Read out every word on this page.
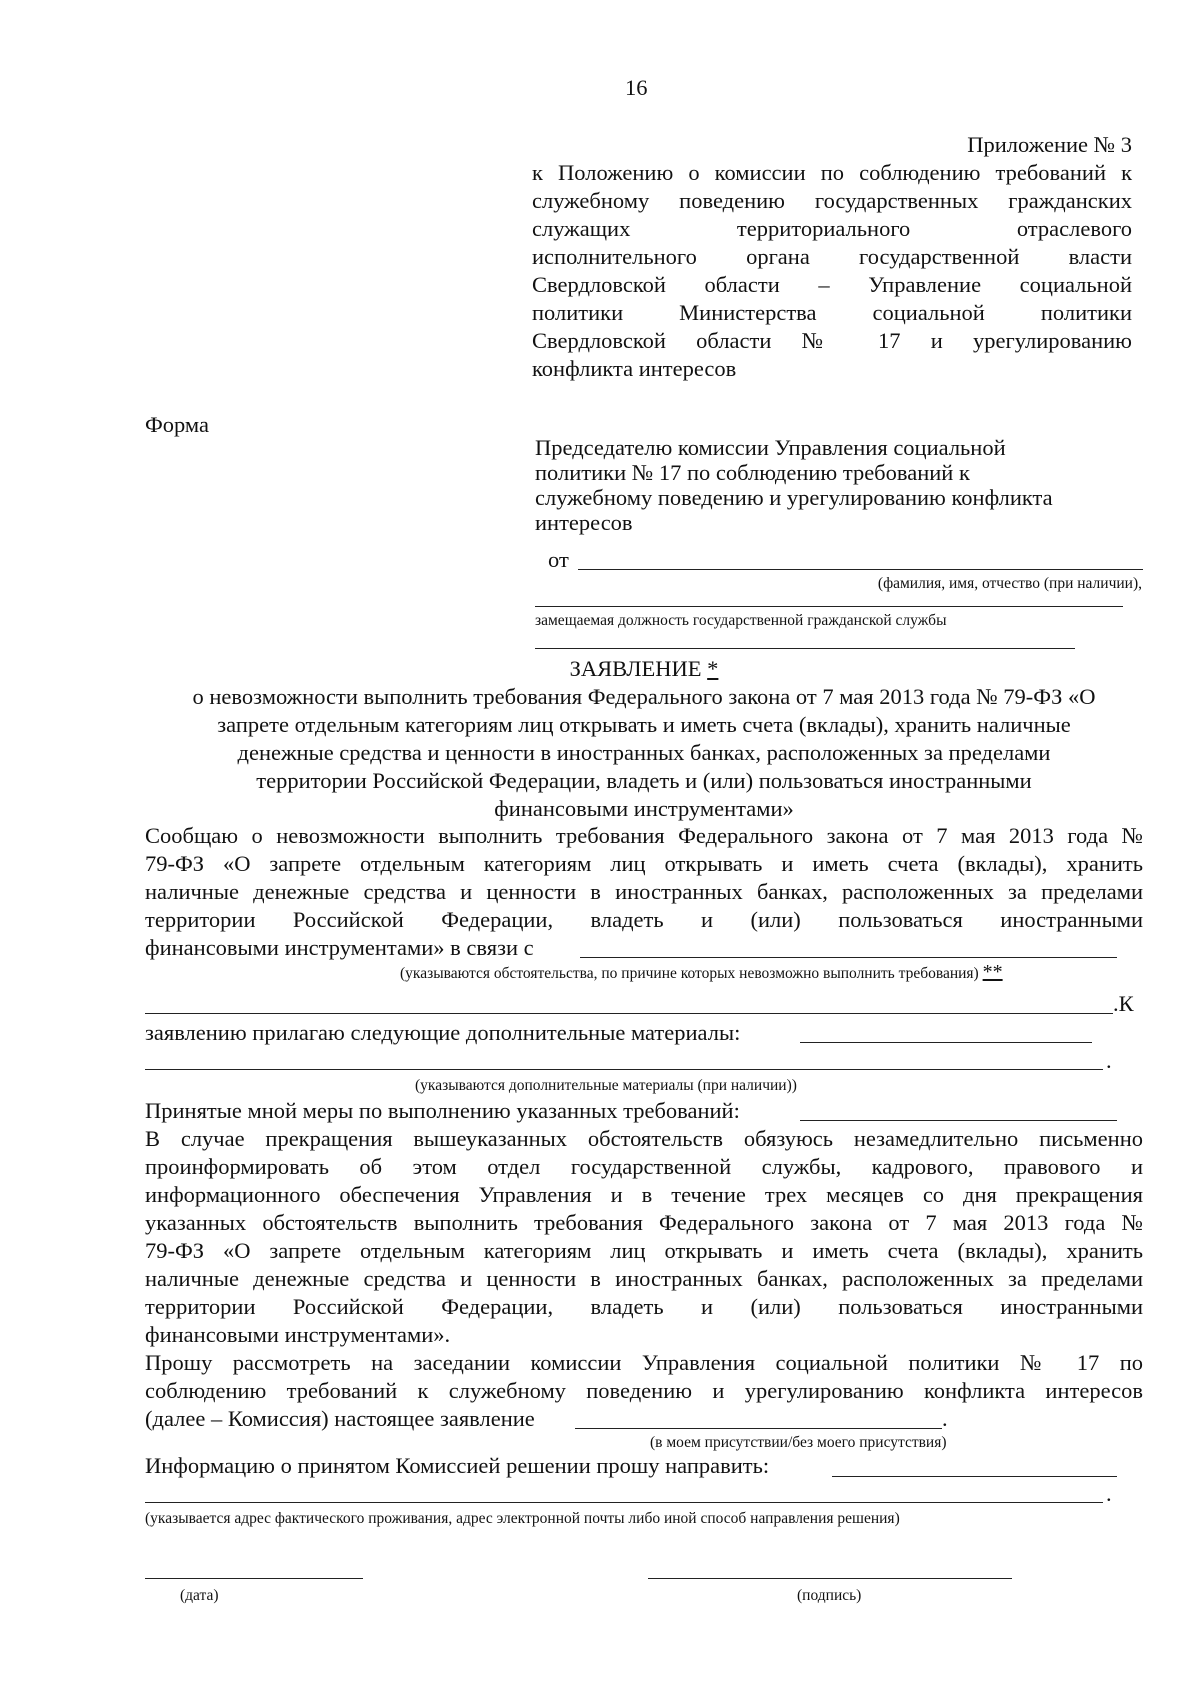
16
Приложение № 3
к Положению о комиссии по соблюдению требований к
служебному поведению государственных гражданских
служащих территориального отраслевого
исполнительного органа государственной власти
Свердловской области – Управление социальной
политики Министерства социальной политики
Свердловской области № 17 и урегулированию
конфликта интересов
Форма
Председателю комиссии Управления социальной
политики № 17 по соблюдению требований к
служебному поведению и урегулированию конфликта
интересов
от
(фамилия, имя, отчество (при наличии),
замещаемая должность государственной гражданской службы
ЗАЯВЛЕНИЕ *
о невозможности выполнить требования Федерального закона от 7 мая 2013 года № 79-ФЗ «О
запрете отдельным категориям лиц открывать и иметь счета (вклады), хранить наличные
денежные средства и ценности в иностранных банках, расположенных за пределами
территории Российской Федерации, владеть и (или) пользоваться иностранными
финансовыми инструментами»
Сообщаю о невозможности выполнить требования Федерального закона от 7 мая 2013 года №
79-ФЗ «О запрете отдельным категориям лиц открывать и иметь счета (вклады), хранить
наличные денежные средства и ценности в иностранных банках, расположенных за пределами
территории Российской Федерации, владеть и (или) пользоваться иностранными
финансовыми инструментами» в связи с
(указываются обстоятельства, по причине которых невозможно выполнить требования) **
.К
заявлению прилагаю следующие дополнительные материалы:
.
(указываются дополнительные материалы (при наличии))
Принятые мной меры по выполнению указанных требований:
В случае прекращения вышеуказанных обстоятельств обязуюсь незамедлительно письменно
проинформировать об этом отдел государственной службы, кадрового, правового и
информационного обеспечения Управления и в течение трех месяцев со дня прекращения
указанных обстоятельств выполнить требования Федерального закона от 7 мая 2013 года №
79-ФЗ «О запрете отдельным категориям лиц открывать и иметь счета (вклады), хранить
наличные денежные средства и ценности в иностранных банках, расположенных за пределами
территории Российской Федерации, владеть и (или) пользоваться иностранными
финансовыми инструментами».
Прошу рассмотреть на заседании комиссии Управления социальной политики № 17 по
соблюдению требований к служебному поведению и урегулированию конфликта интересов
(далее – Комиссия) настоящее заявление	.
(в моем присутствии/без моего присутствия)
Информацию о принятом Комиссией решении прошу направить:
.
(указывается адрес фактического проживания, адрес электронной почты либо иной способ направления решения)
(дата)	(подпись)
